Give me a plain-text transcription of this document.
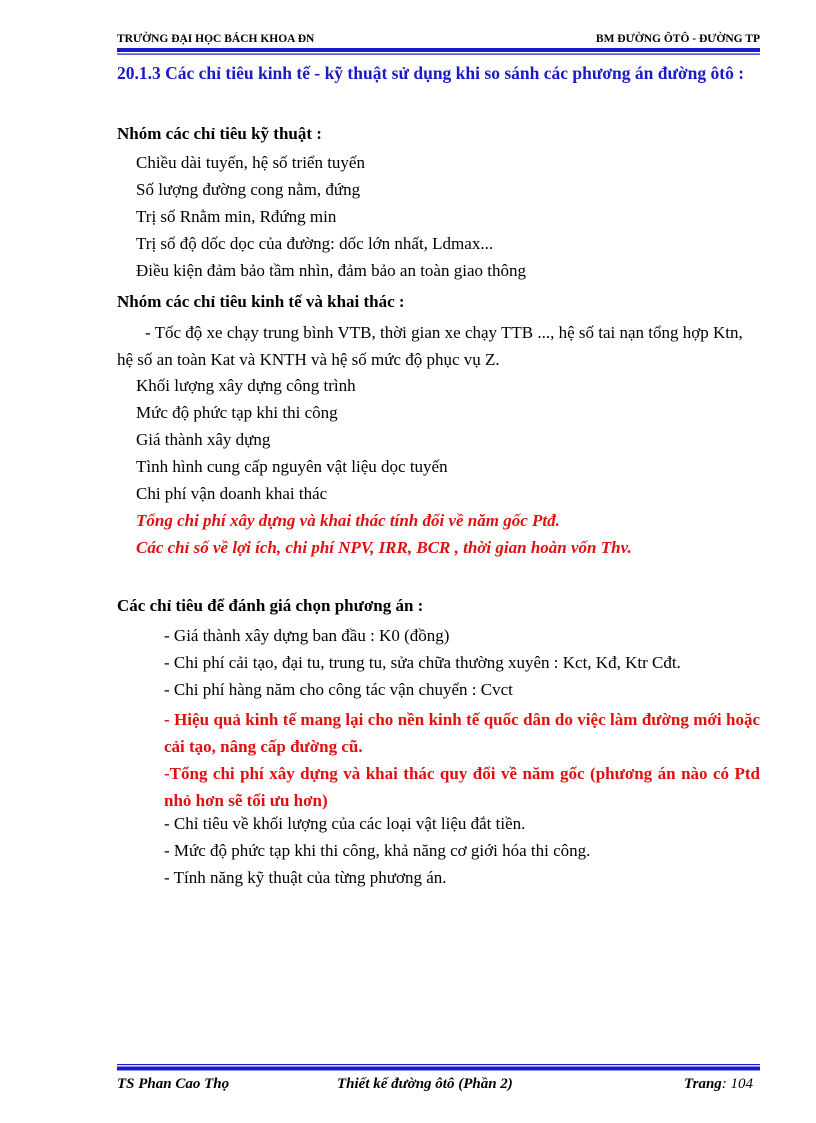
TRƯỜNG ĐẠI HỌC BÁCH KHOA ĐN	BM ĐƯỜNG ÔTÔ - ĐƯỜNG TP
20.1.3 Các chỉ tiêu kinh tế - kỹ thuật sử dụng khi so sánh các phương án đường ôtô :
Nhóm các chỉ tiêu kỹ thuật :
Chiều dài tuyến, hệ số triển tuyến
Số lượng đường cong nằm, đứng
Trị số Rnằm min, Rđứng min
Trị số độ dốc dọc của đường: dốc lớn nhất, Ldmax...
Điều kiện đảm bảo tầm nhìn, đảm bảo an toàn giao thông
Nhóm các chỉ tiêu kinh tế và khai thác :
- Tốc độ xe chạy trung bình VTB, thời gian xe chạy TTB ..., hệ số tai nạn tổng hợp Ktn, hệ số an toàn Kat và KNTH và hệ số mức độ phục vụ Z.
Khối lượng xây dựng công trình
Mức độ phức tạp khi thi công
Giá thành xây dựng
Tình hình cung cấp nguyên vật liệu dọc tuyến
Chi phí vận doanh khai thác
Tổng chi phí xây dựng và khai thác tính đổi về năm gốc Ptđ.
Các chỉ số về lợi ích, chi phí NPV, IRR, BCR , thời gian hoàn vốn Thv.
Các chỉ tiêu để đánh giá chọn phương án :
- Giá thành xây dựng ban đầu : K0 (đồng)
- Chi phí cải tạo, đại tu, trung tu, sửa chữa thường xuyên : Kct, Kđ, Ktr Cđt.
- Chi phí hàng năm cho công tác vận chuyển : Cvct
- Hiệu quả kinh tế mang lại cho nền kinh tế quốc dân do việc làm đường mới hoặc cải tạo, nâng cấp đường cũ.
-Tổng chi phí xây dựng và khai thác quy đổi về năm gốc (phương án nào có Ptd nhỏ hơn sẽ tối ưu hơn)
- Chỉ tiêu về khối lượng của các loại vật liệu đắt tiền.
- Mức độ phức tạp khi thi công, khả năng cơ giới hóa thi công.
- Tính năng kỹ thuật của từng phương án.
TS Phan Cao Thọ	Thiết kế đường ôtô (Phần 2)	Trang: 104
